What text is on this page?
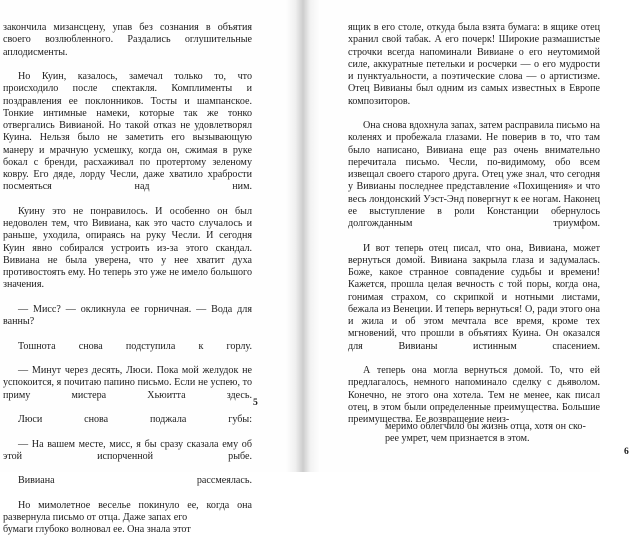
закончила мизансцену, упав без сознания в объятия своего возлюбленного. Раздались оглушительные аплодисменты.

Но Куин, казалось, замечал только то, что происходило после спектакля. Комплименты и поздравления ее поклонников. Тосты и шампанское. Тонкие интимные намеки, которые так же тонко отвергались Вивианой. Но такой отказ не удовлетворял Куина. Нельзя было не заметить его вызывающую манеру и мрачную усмешку, когда он, сжимая в руке бокал с бренди, расхаживал по протертому зеленому ковру. Его дяде, лорду Чесли, даже хватило храбрости посмеяться над ним.

Куину это не понравилось. И особенно он был недоволен тем, что Вивиана, как это часто случалось и раньше, уходила, опираясь на руку Чесли. И сегодня Куин явно собирался устроить из-за этого скандал. Вивиана не была уверена, что у нее хватит духа противостоять ему. Но теперь это уже не имело большого значения.

— Мисс? — окликнула ее горничная. — Вода для ванны?

Тошнота снова подступила к горлу.

— Минут через десять, Люси. Пока мой желудок не успокоится, я почитаю папино письмо. Если не успею, то приму мистера Хьюитта здесь.

Люси снова поджала губы:

— На вашем месте, мисс, я бы сразу сказала ему об этой испорченной рыбе.

Вивиана рассмеялась.

Но мимолетное веселье покинуло ее, когда она развернула письмо от отца. Даже запах его

бумаги глубоко волновал ее. Она знала этот
5

ящик в его столе, откуда была взята бумага: в ящике отец хранил свой табак. А его почерк! Широкие размашистые строчки всегда напоминали Вивиане о его неутомимой силе, аккуратные петельки и росчерки — о его мудрости и пунктуальности, а поэтические слова — о артистизме. Отец Вивианы был одним из самых известных в Европе композиторов.

Она снова вдохнула запах, затем расправила письмо на коленях и пробежала глазами. Не поверив в то, что там было написано, Вивиана еще раз очень внимательно перечитала письмо. Чесли, по-видимому, обо всем извещал своего старого друга. Отец уже знал, что сегодня у Вивианы последнее представление «Похищения» и что весь лондонский Уэст-Энд повергнут к ее ногам. Наконец ее выступление в роли Констанции обернулось долгожданным триумфом.

И вот теперь отец писал, что она, Вивиана, может вернуться домой. Вивиана закрыла глаза и задумалась. Боже, какое странное совпадение судьбы и времени! Кажется, прошла целая вечность с той поры, когда она, гонимая страхом, со скрипкой и нотными листами, бежала из Венеции. И теперь вернуться! О, ради этого она и жила и об этом мечтала все время, кроме тех мгновений, что прошли в объятиях Куина. Он оказался для Вивианы истинным спасением.

А теперь она могла вернуться домой. То, что ей предлагалось, немного напоминало сделку с дьяволом. Конечно, не этого она хотела. Тем не менее, как писал отец, в этом были определенные преимущества. Большие преимущества. Ее возвращение неиз-

меримо облегчило бы жизнь отца, хотя он ско-
рее умрет, чем признается в этом.
6
